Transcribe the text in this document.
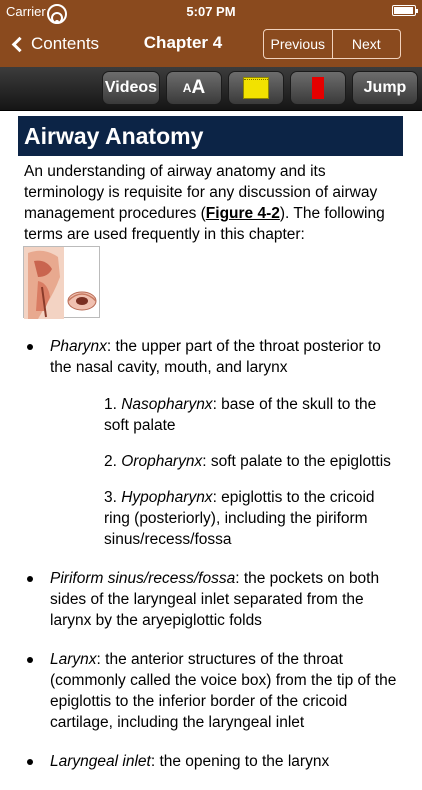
Carrier	5:07 PM
Contents	Chapter 4	Previous	Next
Videos A A	Jump
Airway Anatomy
An understanding of airway anatomy and its terminology is requisite for any discussion of airway management procedures (Figure 4-2). The following terms are used frequently in this chapter:
Pharynx: the upper part of the throat posterior to the nasal cavity, mouth, and larynx
1. Nasopharynx: base of the skull to the soft palate
2. Oropharynx: soft palate to the epiglottis
3. Hypopharynx: epiglottis to the cricoid ring (posteriorly), including the piriform sinus/recess/fossa
Piriform sinus/recess/fossa: the pockets on both sides of the laryngeal inlet separated from the larynx by the aryepiglottic folds
Larynx: the anterior structures of the throat (commonly called the voice box) from the tip of the epiglottis to the inferior border of the cricoid cartilage, including the laryngeal inlet
Laryngeal inlet: the opening to the larynx
